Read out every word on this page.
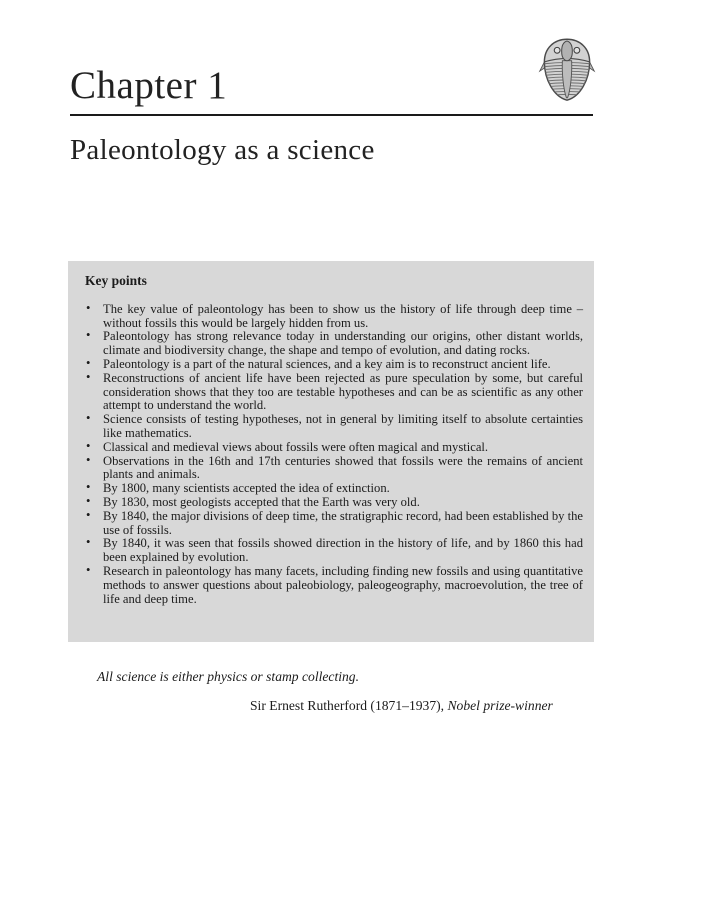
Chapter 1
Paleontology as a science
Key points
• The key value of paleontology has been to show us the history of life through deep time – without fossils this would be largely hidden from us.
• Paleontology has strong relevance today in understanding our origins, other distant worlds, climate and biodiversity change, the shape and tempo of evolution, and dating rocks.
• Paleontology is a part of the natural sciences, and a key aim is to reconstruct ancient life.
• Reconstructions of ancient life have been rejected as pure speculation by some, but careful consideration shows that they too are testable hypotheses and can be as scientific as any other attempt to understand the world.
• Science consists of testing hypotheses, not in general by limiting itself to absolute certainties like mathematics.
• Classical and medieval views about fossils were often magical and mystical.
• Observations in the 16th and 17th centuries showed that fossils were the remains of ancient plants and animals.
• By 1800, many scientists accepted the idea of extinction.
• By 1830, most geologists accepted that the Earth was very old.
• By 1840, the major divisions of deep time, the stratigraphic record, had been established by the use of fossils.
• By 1840, it was seen that fossils showed direction in the history of life, and by 1860 this had been explained by evolution.
• Research in paleontology has many facets, including finding new fossils and using quantitative methods to answer questions about paleobiology, paleogeography, macroevolution, the tree of life and deep time.
All science is either physics or stamp collecting.
Sir Ernest Rutherford (1871–1937), Nobel prize-winner
